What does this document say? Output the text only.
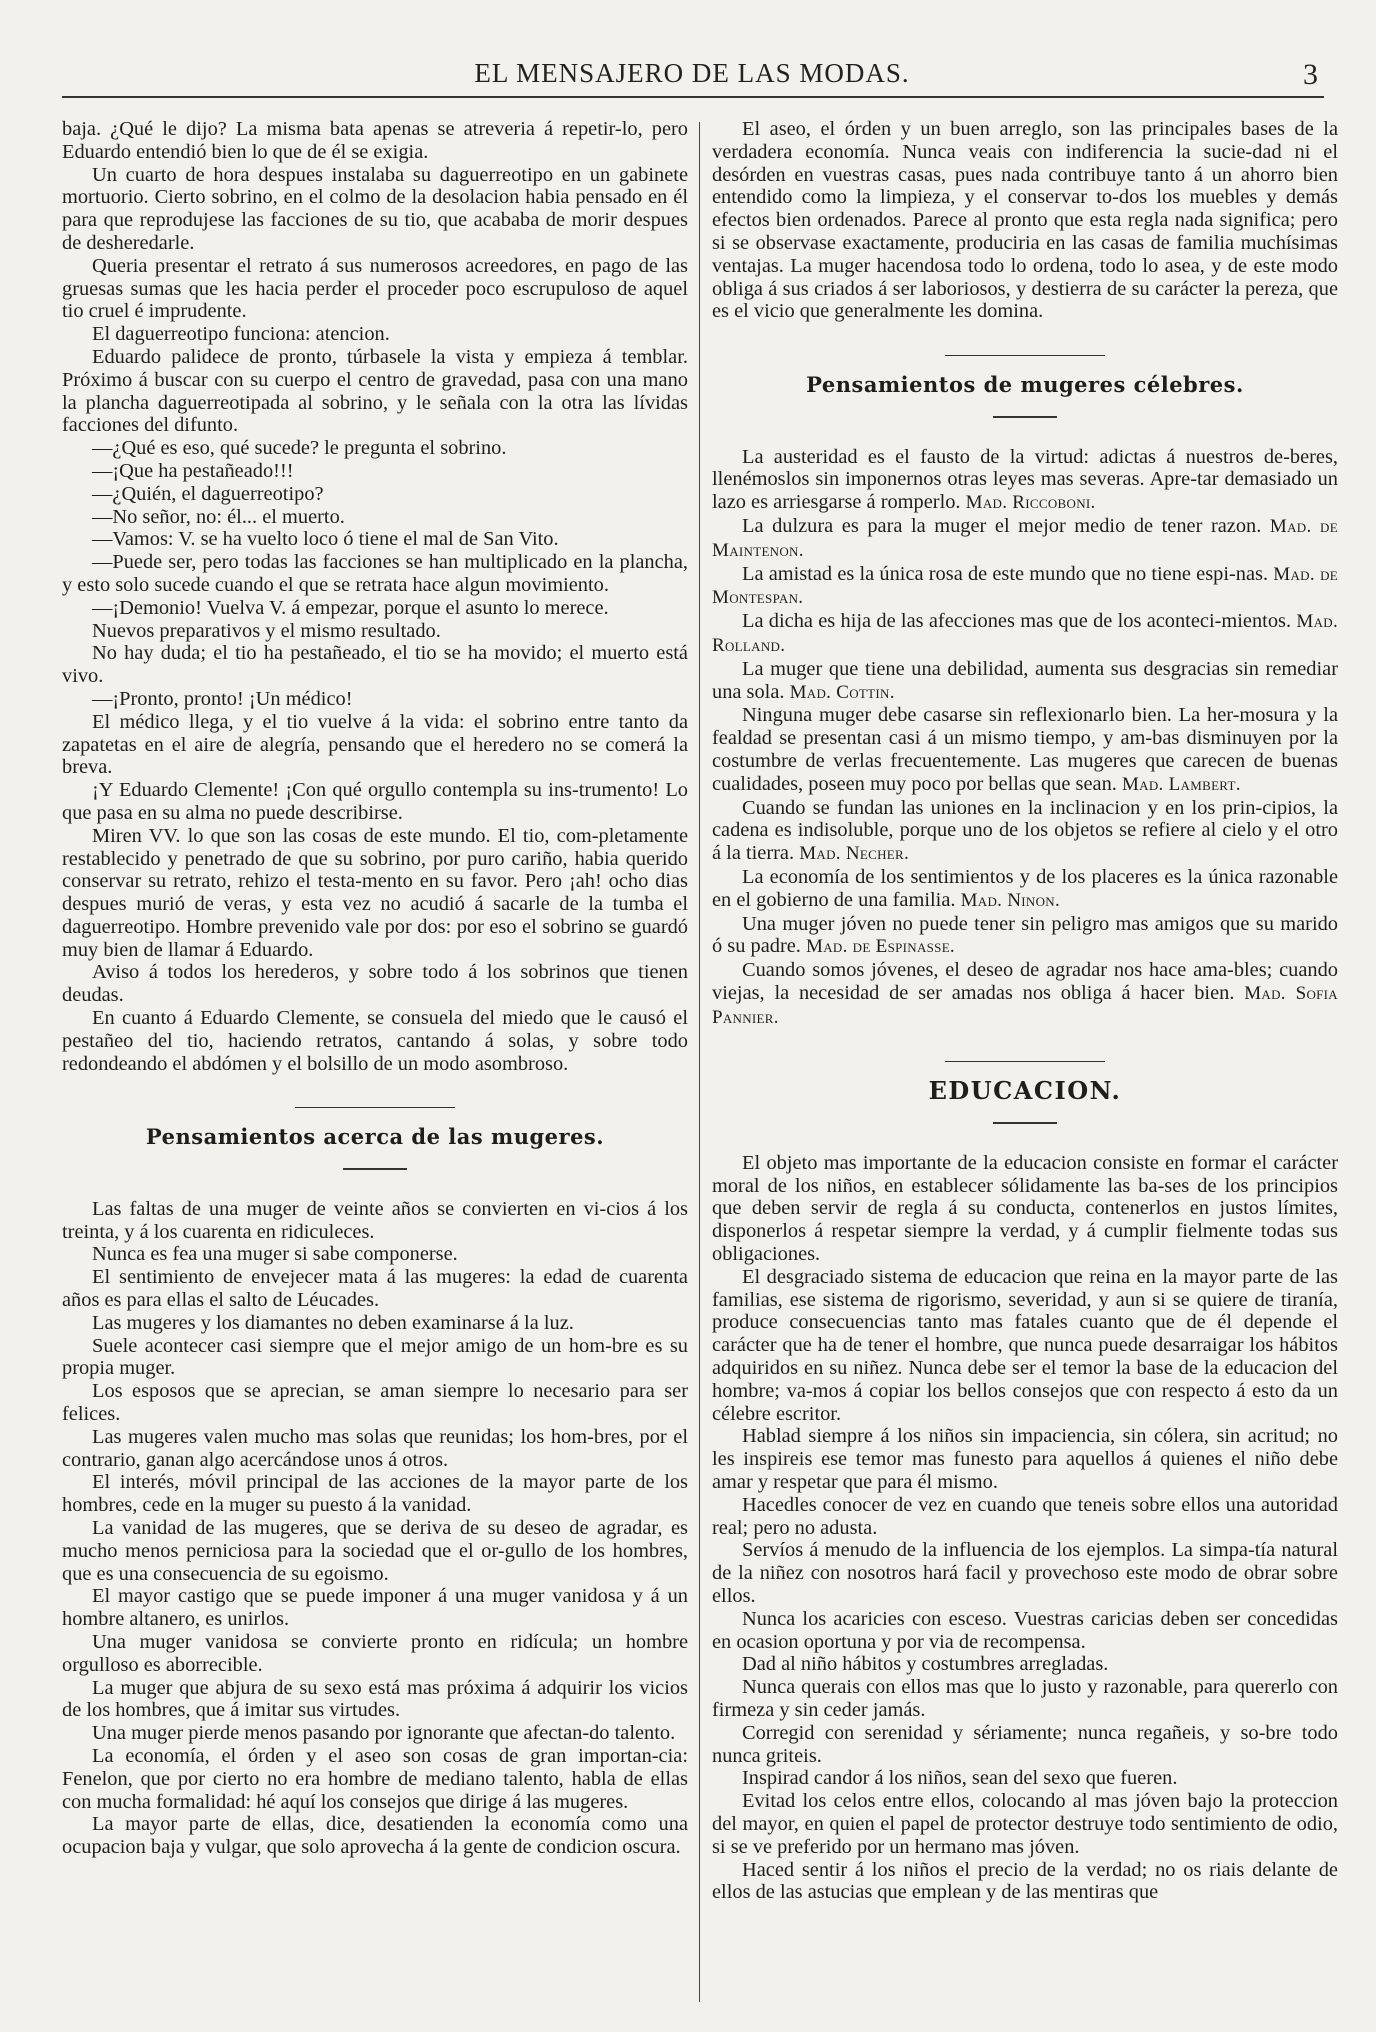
EL MENSAJERO DE LAS MODAS.	3

baja. ¿Qué le dijo? La misma bata apenas se atreveria á repetir-lo, pero Eduardo entendió bien lo que de él se exigia.

Un cuarto de hora despues instalaba su daguerreotipo en un gabinete mortuorio. Cierto sobrino, en el colmo de la desolacion habia pensado en él para que reprodujese las facciones de su tio, que acababa de morir despues de desheredarle.

Queria presentar el retrato á sus numerosos acreedores, en pago de las gruesas sumas que les hacia perder el proceder poco escrupuloso de aquel tio cruel é imprudente.

El daguerreotipo funciona: atencion.

Eduardo palidece de pronto, túrbasele la vista y empieza á temblar. Próximo á buscar con su cuerpo el centro de gravedad, pasa con una mano la plancha daguerreotipada al sobrino, y le señala con la otra las lívidas facciones del difunto.

—¿Qué es eso, qué sucede? le pregunta el sobrino.

—¡Que ha pestañeado!!!

—¿Quién, el daguerreotipo?

—No señor, no: él... el muerto.

—Vamos: V. se ha vuelto loco ó tiene el mal de San Vito.

—Puede ser, pero todas las facciones se han multiplicado en la plancha, y esto solo sucede cuando el que se retrata hace algun movimiento.

—¡Demonio! Vuelva V. á empezar, porque el asunto lo merece.

Nuevos preparativos y el mismo resultado.

No hay duda; el tio ha pestañeado, el tio se ha movido; el muerto está vivo.

—¡Pronto, pronto! ¡Un médico!

El médico llega, y el tio vuelve á la vida: el sobrino entre tanto da zapatetas en el aire de alegría, pensando que el heredero no se comerá la breva.

¡Y Eduardo Clemente! ¡Con qué orgullo contempla su ins-trumento! Lo que pasa en su alma no puede describirse.

Miren VV. lo que son las cosas de este mundo. El tio, com-pletamente restablecido y penetrado de que su sobrino, por puro cariño, habia querido conservar su retrato, rehizo el testa-mento en su favor. Pero ¡ah! ocho dias despues murió de veras, y esta vez no acudió á sacarle de la tumba el daguerreotipo. Hombre prevenido vale por dos: por eso el sobrino se guardó muy bien de llamar á Eduardo.

Aviso á todos los herederos, y sobre todo á los sobrinos que tienen deudas.

En cuanto á Eduardo Clemente, se consuela del miedo que le causó el pestañeo del tio, haciendo retratos, cantando á solas, y sobre todo redondeando el abdómen y el bolsillo de un modo asombroso.

Pensamientos acerca de las mugeres.

Las faltas de una muger de veinte años se convierten en vi-cios á los treinta, y á los cuarenta en ridiculeces.

Nunca es fea una muger si sabe componerse.

El sentimiento de envejecer mata á las mugeres: la edad de cuarenta años es para ellas el salto de Léucades.

Las mugeres y los diamantes no deben examinarse á la luz.

Suele acontecer casi siempre que el mejor amigo de un hom-bre es su propia muger.

Los esposos que se aprecian, se aman siempre lo necesario para ser felices.

Las mugeres valen mucho mas solas que reunidas; los hom-bres, por el contrario, ganan algo acercándose unos á otros.

El interés, móvil principal de las acciones de la mayor parte de los hombres, cede en la muger su puesto á la vanidad.

La vanidad de las mugeres, que se deriva de su deseo de agradar, es mucho menos perniciosa para la sociedad que el or-gullo de los hombres, que es una consecuencia de su egoismo.

El mayor castigo que se puede imponer á una muger vanidosa y á un hombre altanero, es unirlos.

Una muger vanidosa se convierte pronto en ridícula; un hombre orgulloso es aborrecible.

La muger que abjura de su sexo está mas próxima á adquirir los vicios de los hombres, que á imitar sus virtudes.

Una muger pierde menos pasando por ignorante que afectan-do talento.

La economía, el órden y el aseo son cosas de gran importan-cia: Fenelon, que por cierto no era hombre de mediano talento, habla de ellas con mucha formalidad: hé aquí los consejos que dirige á las mugeres.

La mayor parte de ellas, dice, desatienden la economía como una ocupacion baja y vulgar, que solo aprovecha á la gente de condicion oscura.

El aseo, el órden y un buen arreglo, son las principales bases de la verdadera economía. Nunca veais con indiferencia la sucie-dad ni el desórden en vuestras casas, pues nada contribuye tanto á un ahorro bien entendido como la limpieza, y el conservar to-dos los muebles y demás efectos bien ordenados. Parece al pronto que esta regla nada significa; pero si se observase exactamente, produciria en las casas de familia muchísimas ventajas. La muger hacendosa todo lo ordena, todo lo asea, y de este modo obliga á sus criados á ser laboriosos, y destierra de su carácter la pereza, que es el vicio que generalmente les domina.

Pensamientos de mugeres célebres.

La austeridad es el fausto de la virtud: adictas á nuestros de-beres, llenémoslos sin imponernos otras leyes mas severas. Apre-tar demasiado un lazo es arriesgarse á romperlo. Mad. Riccoboni.

La dulzura es para la muger el mejor medio de tener razon. Mad. de Maintenon.

La amistad es la única rosa de este mundo que no tiene espi-nas. Mad. de Montespan.

La dicha es hija de las afecciones mas que de los aconteci-mientos. Mad. Rolland.

La muger que tiene una debilidad, aumenta sus desgracias sin remediar una sola. Mad. Cottin.

Ninguna muger debe casarse sin reflexionarlo bien. La her-mosura y la fealdad se presentan casi á un mismo tiempo, y am-bas disminuyen por la costumbre de verlas frecuentemente. Las mugeres que carecen de buenas cualidades, poseen muy poco por bellas que sean. Mad. Lambert.

Cuando se fundan las uniones en la inclinacion y en los prin-cipios, la cadena es indisoluble, porque uno de los objetos se refiere al cielo y el otro á la tierra. Mad. Necher.

La economía de los sentimientos y de los placeres es la única razonable en el gobierno de una familia. Mad. Ninon.

Una muger jóven no puede tener sin peligro mas amigos que su marido ó su padre. Mad. de Espinasse.

Cuando somos jóvenes, el deseo de agradar nos hace ama-bles; cuando viejas, la necesidad de ser amadas nos obliga á hacer bien. Mad. Sofia Pannier.

EDUCACION.

El objeto mas importante de la educacion consiste en formar el carácter moral de los niños, en establecer sólidamente las ba-ses de los principios que deben servir de regla á su conducta, contenerlos en justos límites, disponerlos á respetar siempre la verdad, y á cumplir fielmente todas sus obligaciones.

El desgraciado sistema de educacion que reina en la mayor parte de las familias, ese sistema de rigorismo, severidad, y aun si se quiere de tiranía, produce consecuencias tanto mas fatales cuanto que de él depende el carácter que ha de tener el hombre, que nunca puede desarraigar los hábitos adquiridos en su niñez. Nunca debe ser el temor la base de la educacion del hombre; va-mos á copiar los bellos consejos que con respecto á esto da un célebre escritor.

Hablad siempre á los niños sin impaciencia, sin cólera, sin acritud; no les inspireis ese temor mas funesto para aquellos á quienes el niño debe amar y respetar que para él mismo.

Hacedles conocer de vez en cuando que teneis sobre ellos una autoridad real; pero no adusta.

Servíos á menudo de la influencia de los ejemplos. La simpa-tía natural de la niñez con nosotros hará facil y provechoso este modo de obrar sobre ellos.

Nunca los acaricies con esceso. Vuestras caricias deben ser concedidas en ocasion oportuna y por via de recompensa.

Dad al niño hábitos y costumbres arregladas.

Nunca querais con ellos mas que lo justo y razonable, para quererlo con firmeza y sin ceder jamás.

Corregid con serenidad y sériamente; nunca regañeis, y so-bre todo nunca griteis.

Inspirad candor á los niños, sean del sexo que fueren.

Evitad los celos entre ellos, colocando al mas jóven bajo la proteccion del mayor, en quien el papel de protector destruye todo sentimiento de odio, si se ve preferido por un hermano mas jóven.

Haced sentir á los niños el precio de la verdad; no os riais delante de ellos de las astucias que emplean y de las mentiras que
